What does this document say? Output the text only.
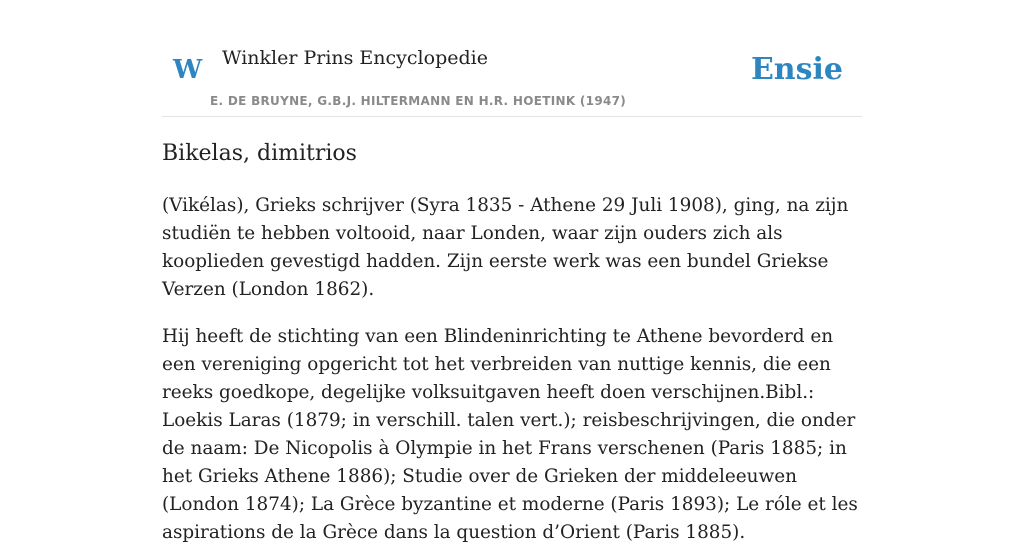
W Winkler Prins Encyclopedie
E. DE BRUYNE, G.B.J. HILTERMANN EN H.R. HOETINK (1947)
Ensie
Bikelas, dimitrios

(Vikélas), Grieks schrijver (Syra 1835 - Athene 29 Juli 1908), ging, na zijn studiën te hebben voltooid, naar Londen, waar zijn ouders zich als kooplieden gevestigd hadden. Zijn eerste werk was een bundel Griekse Verzen (London 1862).

Hij heeft de stichting van een Blindeninrichting te Athene bevorderd en een vereniging opgericht tot het verbreiden van nuttige kennis, die een reeks goedkope, degelijke volksuitgaven heeft doen verschijnen.Bibl.: Loekis Laras (1879; in verschill. talen vert.); reisbeschrijvingen, die onder de naam: De Nicopolis à Olympie in het Frans verschenen (Paris 1885; in het Grieks Athene 1886); Studie over de Grieken der middeleeuwen (London 1874); La Grèce byzantine et moderne (Paris 1893); Le róle et les aspirations de la Grèce dans la question d’Orient (Paris 1885).
